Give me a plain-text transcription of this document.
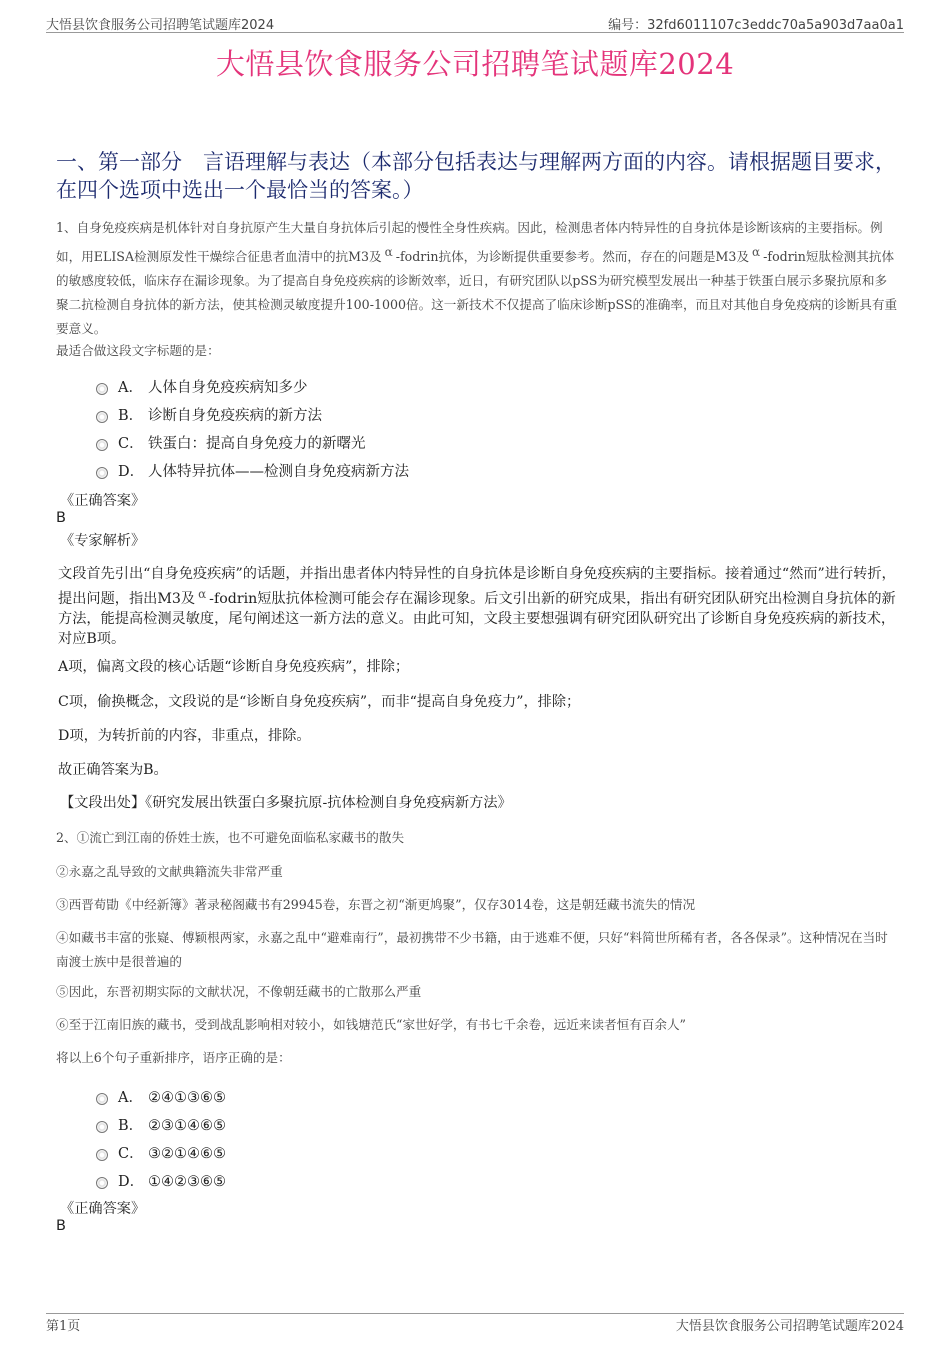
大悟县饮食服务公司招聘笔试题库2024	编号：32fd6011107c3eddc70a5a903d7aa0a1
大悟县饮食服务公司招聘笔试题库2024
一、第一部分　言语理解与表达（本部分包括表达与理解两方面的内容。请根据题目要求，在四个选项中选出一个最恰当的答案。）
1、自身免疫疾病是机体针对自身抗原产生大量自身抗体后引起的慢性全身性疾病。因此，检测患者体内特异性的自身抗体是诊断该病的主要指标。例如，用ELISA检测原发性干燥综合征患者血清中的抗M3及 α -fodrin抗体，为诊断提供重要参考。然而，存在的问题是M3及 α -fodrin短肽检测其抗体的敏感度较低，临床存在漏诊现象。为了提高自身免疫疾病的诊断效率，近日，有研究团队以pSS为研究模型发展出一种基于铁蛋白展示多聚抗原和多聚二抗检测自身抗体的新方法，使其检测灵敏度提升100-1000倍。这一新技术不仅提高了临床诊断pSS的准确率，而且对其他自身免疫病的诊断具有重要意义。
最适合做这段文字标题的是：
A． 人体自身免疫疾病知多少
B． 诊断自身免疫疾病的新方法
C． 铁蛋白：提高自身免疫力的新曙光
D． 人体特异抗体——检测自身免疫病新方法
《正确答案》
B
《专家解析》
文段首先引出“自身免疫疾病”的话题，并指出患者体内特异性的自身抗体是诊断自身免疫疾病的主要指标。接着通过“然而”进行转折，提出问题，指出M3及 α -fodrin短肽抗体检测可能会存在漏诊现象。后文引出新的研究成果，指出有研究团队研究出检测自身抗体的新方法，能提高检测灵敏度，尾句阐述这一新方法的意义。由此可知，文段主要想强调有研究团队研究出了诊断自身免疫疾病的新技术，对应B项。
A项，偏离文段的核心话题“诊断自身免疫疾病”，排除；
C项，偷换概念，文段说的是“诊断自身免疫疾病”，而非“提高自身免疫力”，排除；
D项，为转折前的内容，非重点，排除。
故正确答案为B。
【文段出处】《研究发展出铁蛋白多聚抗原-抗体检测自身免疫病新方法》
2、①流亡到江南的侨姓士族，也不可避免面临私家藏书的散失
②永嘉之乱导致的文献典籍流失非常严重
③西晋荀勖《中经新簿》著录秘阁藏书有29945卷，东晋之初“渐更鸠聚”，仅存3014卷，这是朝廷藏书流失的情况
④如藏书丰富的张嶷、傅颖根两家，永嘉之乱中“避难南行”，最初携带不少书籍，由于逃难不便，只好“料简世所稀有者，各各保录”。这种情况在当时南渡士族中是很普遍的
⑤因此，东晋初期实际的文献状况，不像朝廷藏书的亡散那么严重
⑥至于江南旧族的藏书，受到战乱影响相对较小，如钱塘范氏“家世好学，有书七千余卷，远近来读者恒有百余人”
将以上6个句子重新排序，语序正确的是：
A． ②④①③⑥⑤
B． ②③①④⑥⑤
C． ③②①④⑥⑤
D． ①④②③⑥⑤
《正确答案》
B
第1页	大悟县饮食服务公司招聘笔试题库2024
